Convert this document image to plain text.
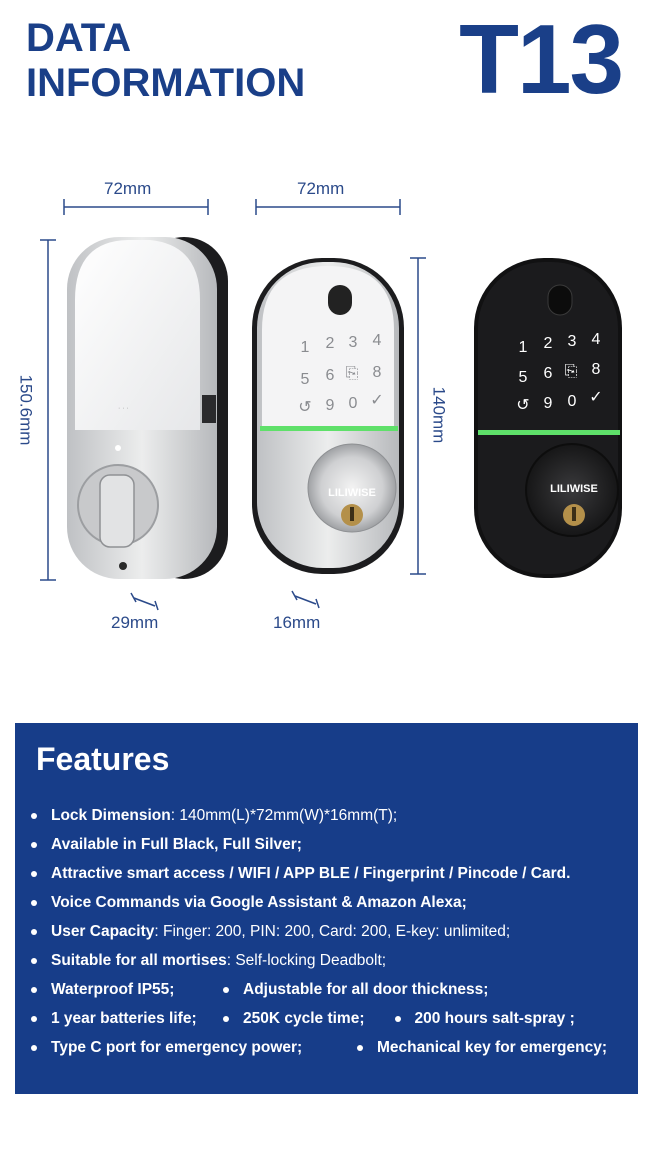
DATA
INFORMATION T13
72mm	72mm
150.6mm	140mm
29mm	16mm
· · ·
LILIWISE
1 2 3 4
5 6 ⎘ 8
↺ 9 0 ✓
LILIWISE
1 2 3 4
5 6 ⎘ 8
↺ 9 0 ✓
Features
Lock Dimension : 140mm(L)*72mm(W)*16mm(T);
Available in Full Black, Full Silver;
Attractive smart access / WIFI / APP BLE / Fingerprint / Pincode / Card.
Voice Commands via Google Assistant & Amazon Alexa;
User Capacity : Finger: 200, PIN: 200, Card: 200, E-key: unlimited;
Suitable for all mortises : Self-locking Deadbolt;
Waterproof IP55;	Adjustable for all door thickness;
1 year batteries life;	250K cycle time;	200 hours salt-spray ;
Type C port for emergency power;	Mechanical key for emergency;
